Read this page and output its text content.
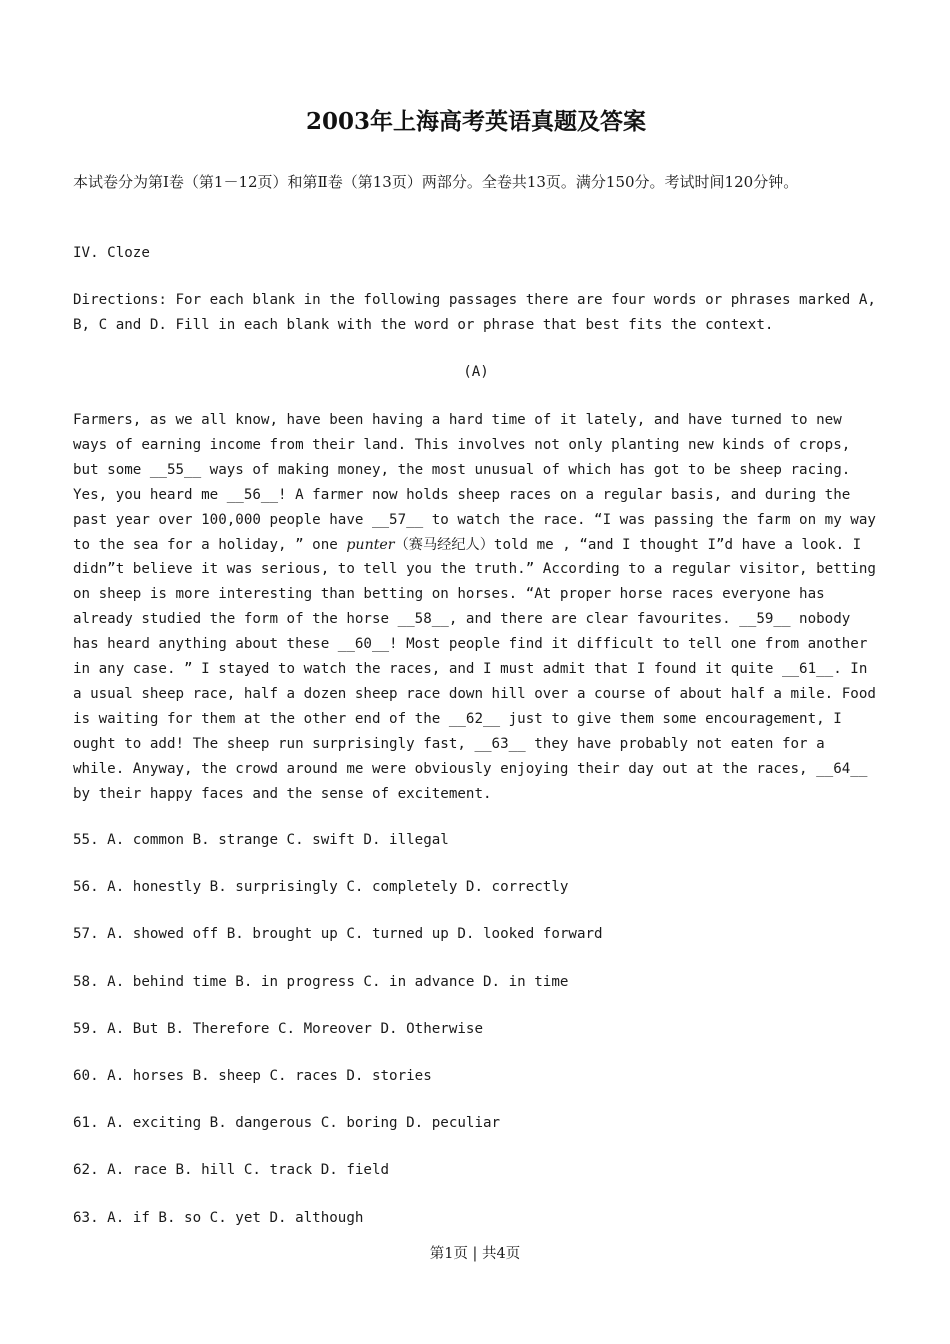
2003年上海高考英语真题及答案
本试卷分为第Ⅰ卷（第1－12页）和第Ⅱ卷（第13页）两部分。全卷共13页。满分150分。考试时间120分钟。
IV. Cloze
Directions: For each blank in the following passages there are four words or phrases marked A, B, C and D. Fill in each blank with the word or phrase that best fits the context.
(A)
Farmers, as we all know, have been having a hard time of it lately, and have turned to new ways of earning income from their land. This involves not only planting new kinds of crops, but some __55__ ways of making money, the most unusual of which has got to be sheep racing. Yes, you heard me __56__! A farmer now holds sheep races on a regular basis, and during the past year over 100,000 people have __57__ to watch the race. “I was passing the farm on my way to the sea for a holiday, ” one punter（赛马经纪人）told me , “and I thought I”d have a look. I didn”t believe it was serious, to tell you the truth.” According to a regular visitor, betting on sheep is more interesting than betting on horses. “At proper horse races everyone has already studied the form of the horse __58__, and there are clear favourites. __59__ nobody has heard anything about these __60__! Most people find it difficult to tell one from another in any case. ” I stayed to watch the races, and I must admit that I found it quite __61__. In a usual sheep race, half a dozen sheep race down hill over a course of about half a mile. Food is waiting for them at the other end of the __62__ just to give them some encouragement, I ought to add! The sheep run surprisingly fast, __63__ they have probably not eaten for a while. Anyway, the crowd around me were obviously enjoying their day out at the races, __64__ by their happy faces and the sense of excitement.
55. A. common B. strange C. swift D. illegal
56. A. honestly B. surprisingly C. completely D. correctly
57. A. showed off B. brought up C. turned up D. looked forward
58. A. behind time B. in progress C. in advance D. in time
59. A. But B. Therefore C. Moreover D. Otherwise
60. A. horses B. sheep C. races D. stories
61. A. exciting B. dangerous C. boring D. peculiar
62. A. race B. hill C. track D. field
63. A. if B. so C. yet D. although
第1页 | 共4页
